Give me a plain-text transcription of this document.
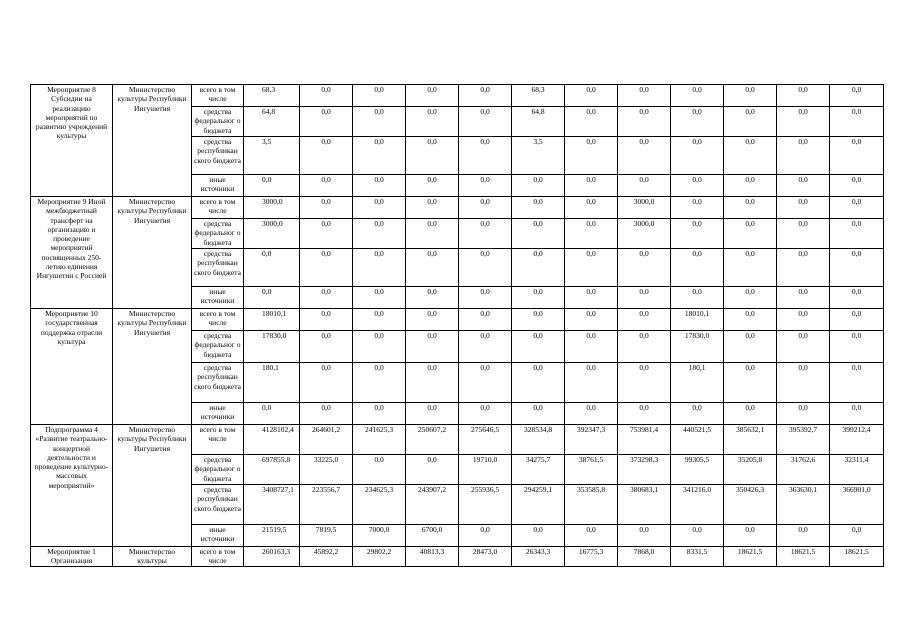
Мероприятие 8 Субсидии на реализацию мероприятий по развитию учреждений культуры	Министерство культуры Республики Ингушетия	всего в том числе	68,3	0,0	0,0	0,0	0,0	68,3	0,0	0,0	0,0	0,0	0,0	0,0
		средства федеральног о бюджета	64,8	0,0	0,0	0,0	0,0	64,8	0,0	0,0	0,0	0,0	0,0	0,0
		средства республикан ского бюджета	3,5	0,0	0,0	0,0	0,0	3,5	0,0	0,0	0,0	0,0	0,0	0,0
		иные источники	0,0	0,0	0,0	0,0	0,0	0,0	0,0	0,0	0,0	0,0	0,0	0,0
Мероприятие 9 Иной межбюджетный трансферт на организацию и проведение мероприятий посвященных 250-летию единения Ингушетии с Россией	Министерство культуры Республики Ингушетия	всего в том числе	3000,0	0,0	0,0	0,0	0,0	0,0	0,0	3000,0	0,0	0,0	0,0	0,0
		средства федеральног о бюджета	3000,0	0,0	0,0	0,0	0,0	0,0	0,0	3000,0	0,0	0,0	0,0	0,0
		средства республикан ского бюджета	0,0	0,0	0,0	0,0	0,0	0,0	0,0	0,0	0,0	0,0	0,0	0,0
		иные источники	0,0	0,0	0,0	0,0	0,0	0,0	0,0	0,0	0,0	0,0	0,0	0,0
Мероприятие 10 государственная поддержка отрасли культура	Министерство культуры Республики Ингушетия	всего в том числе	18010,1	0,0	0,0	0,0	0,0	0,0	0,0	0,0	18010,1	0,0	0,0	0,0
		средства федеральног о бюджета	17830,0	0,0	0,0	0,0	0,0	0,0	0,0	0,0	17830,0	0,0	0,0	0,0
		средства республикан ского бюджета	180,1	0,0	0,0	0,0	0,0	0,0	0,0	0,0	180,1	0,0	0,0	0,0
		иные источники	0,0	0,0	0,0	0,0	0,0	0,0	0,0	0,0	0,0	0,0	0,0	0,0
Подпрограмма 4 «Развитие театрально-концертной деятельности и проведение культурно-массовых мероприятий»	Министерство культуры Республики Ингушетия	всего в том числе	4128102,4	264601,2	241625,3	250607,2	275646,5	328534,8	392347,3	753981,4	440521,5	385632,1	395392,7	399212,4
		средства федеральног о бюджета	697855,8	33225,0	0,0	0,0	19710,0	34275,7	38761,5	373298,3	99305,5	35205,8	31762,6	32311,4
		средства республикан ского бюджета	3408727,1	223556,7	234625,3	243907,2	255936,5	294259,1	353585,8	380683,1	341216,0	350426,3	363630,1	366901,0
		иные источники	21519,5	7819,5	7000,0	6700,0	0,0	0,0	0,0	0,0	0,0	0,0	0,0	0,0
Мероприятие 1 Организация	Министерство культуры	всего в том числе	260163,3	45892,2	29802,2	40813,3	28473,0	26343,3	16775,3	7868,0	8331,5	18621,5	18621,5	18621,5
